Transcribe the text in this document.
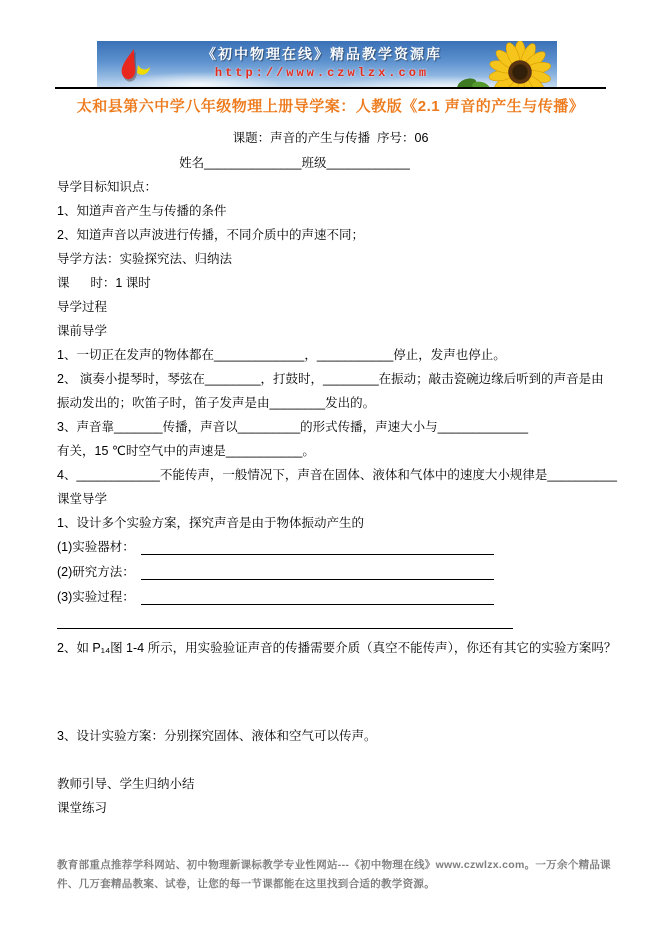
《初中物理在线》精品教学资源库
http://www.czwlzx.com
太和县第六中学八年级物理上册导学案：人教版《2.1 声音的产生与传播》
课题：声音的产生与传播  序号：06
姓名______________班级____________
导学目标知识点：
1、知道声音产生与传播的条件
2、知道声音以声波进行传播，不同介质中的声速不同；
导学方法：实验探究法、归纳法
课      时：1 课时
导学过程
课前导学
1、一切正在发声的物体都在_____________，___________停止，发声也停止。
2、 演奏小提琴时，琴弦在________，打鼓时，________在振动；敲击瓷碗边缘后听到的声音是由
振动发出的；吹笛子时，笛子发声是由________发出的。
3、声音靠_______传播，声音以_________的形式传播，声速大小与_____________
有关，15 ℃时空气中的声速是___________。
4、____________不能传声，一般情况下，声音在固体、液体和气体中的速度大小规律是__________
课堂导学
1、设计多个实验方案，探究声音是由于物体振动产生的
(1)实验器材：
(2)研究方法：
(3)实验过程：
2、如 P₁₄图 1-4 所示，用实验验证声音的传播需要介质（真空不能传声），你还有其它的实验方案吗？
3、设计实验方案：分别探究固体、液体和空气可以传声。
教师引导、学生归纳小结
课堂练习
教育部重点推荐学科网站、初中物理新课标教学专业性网站---《初中物理在线》www.czwlzx.com。一万余个精品课件、几万套精品教案、试卷，让您的每一节课都能在这里找到合适的教学资源。
